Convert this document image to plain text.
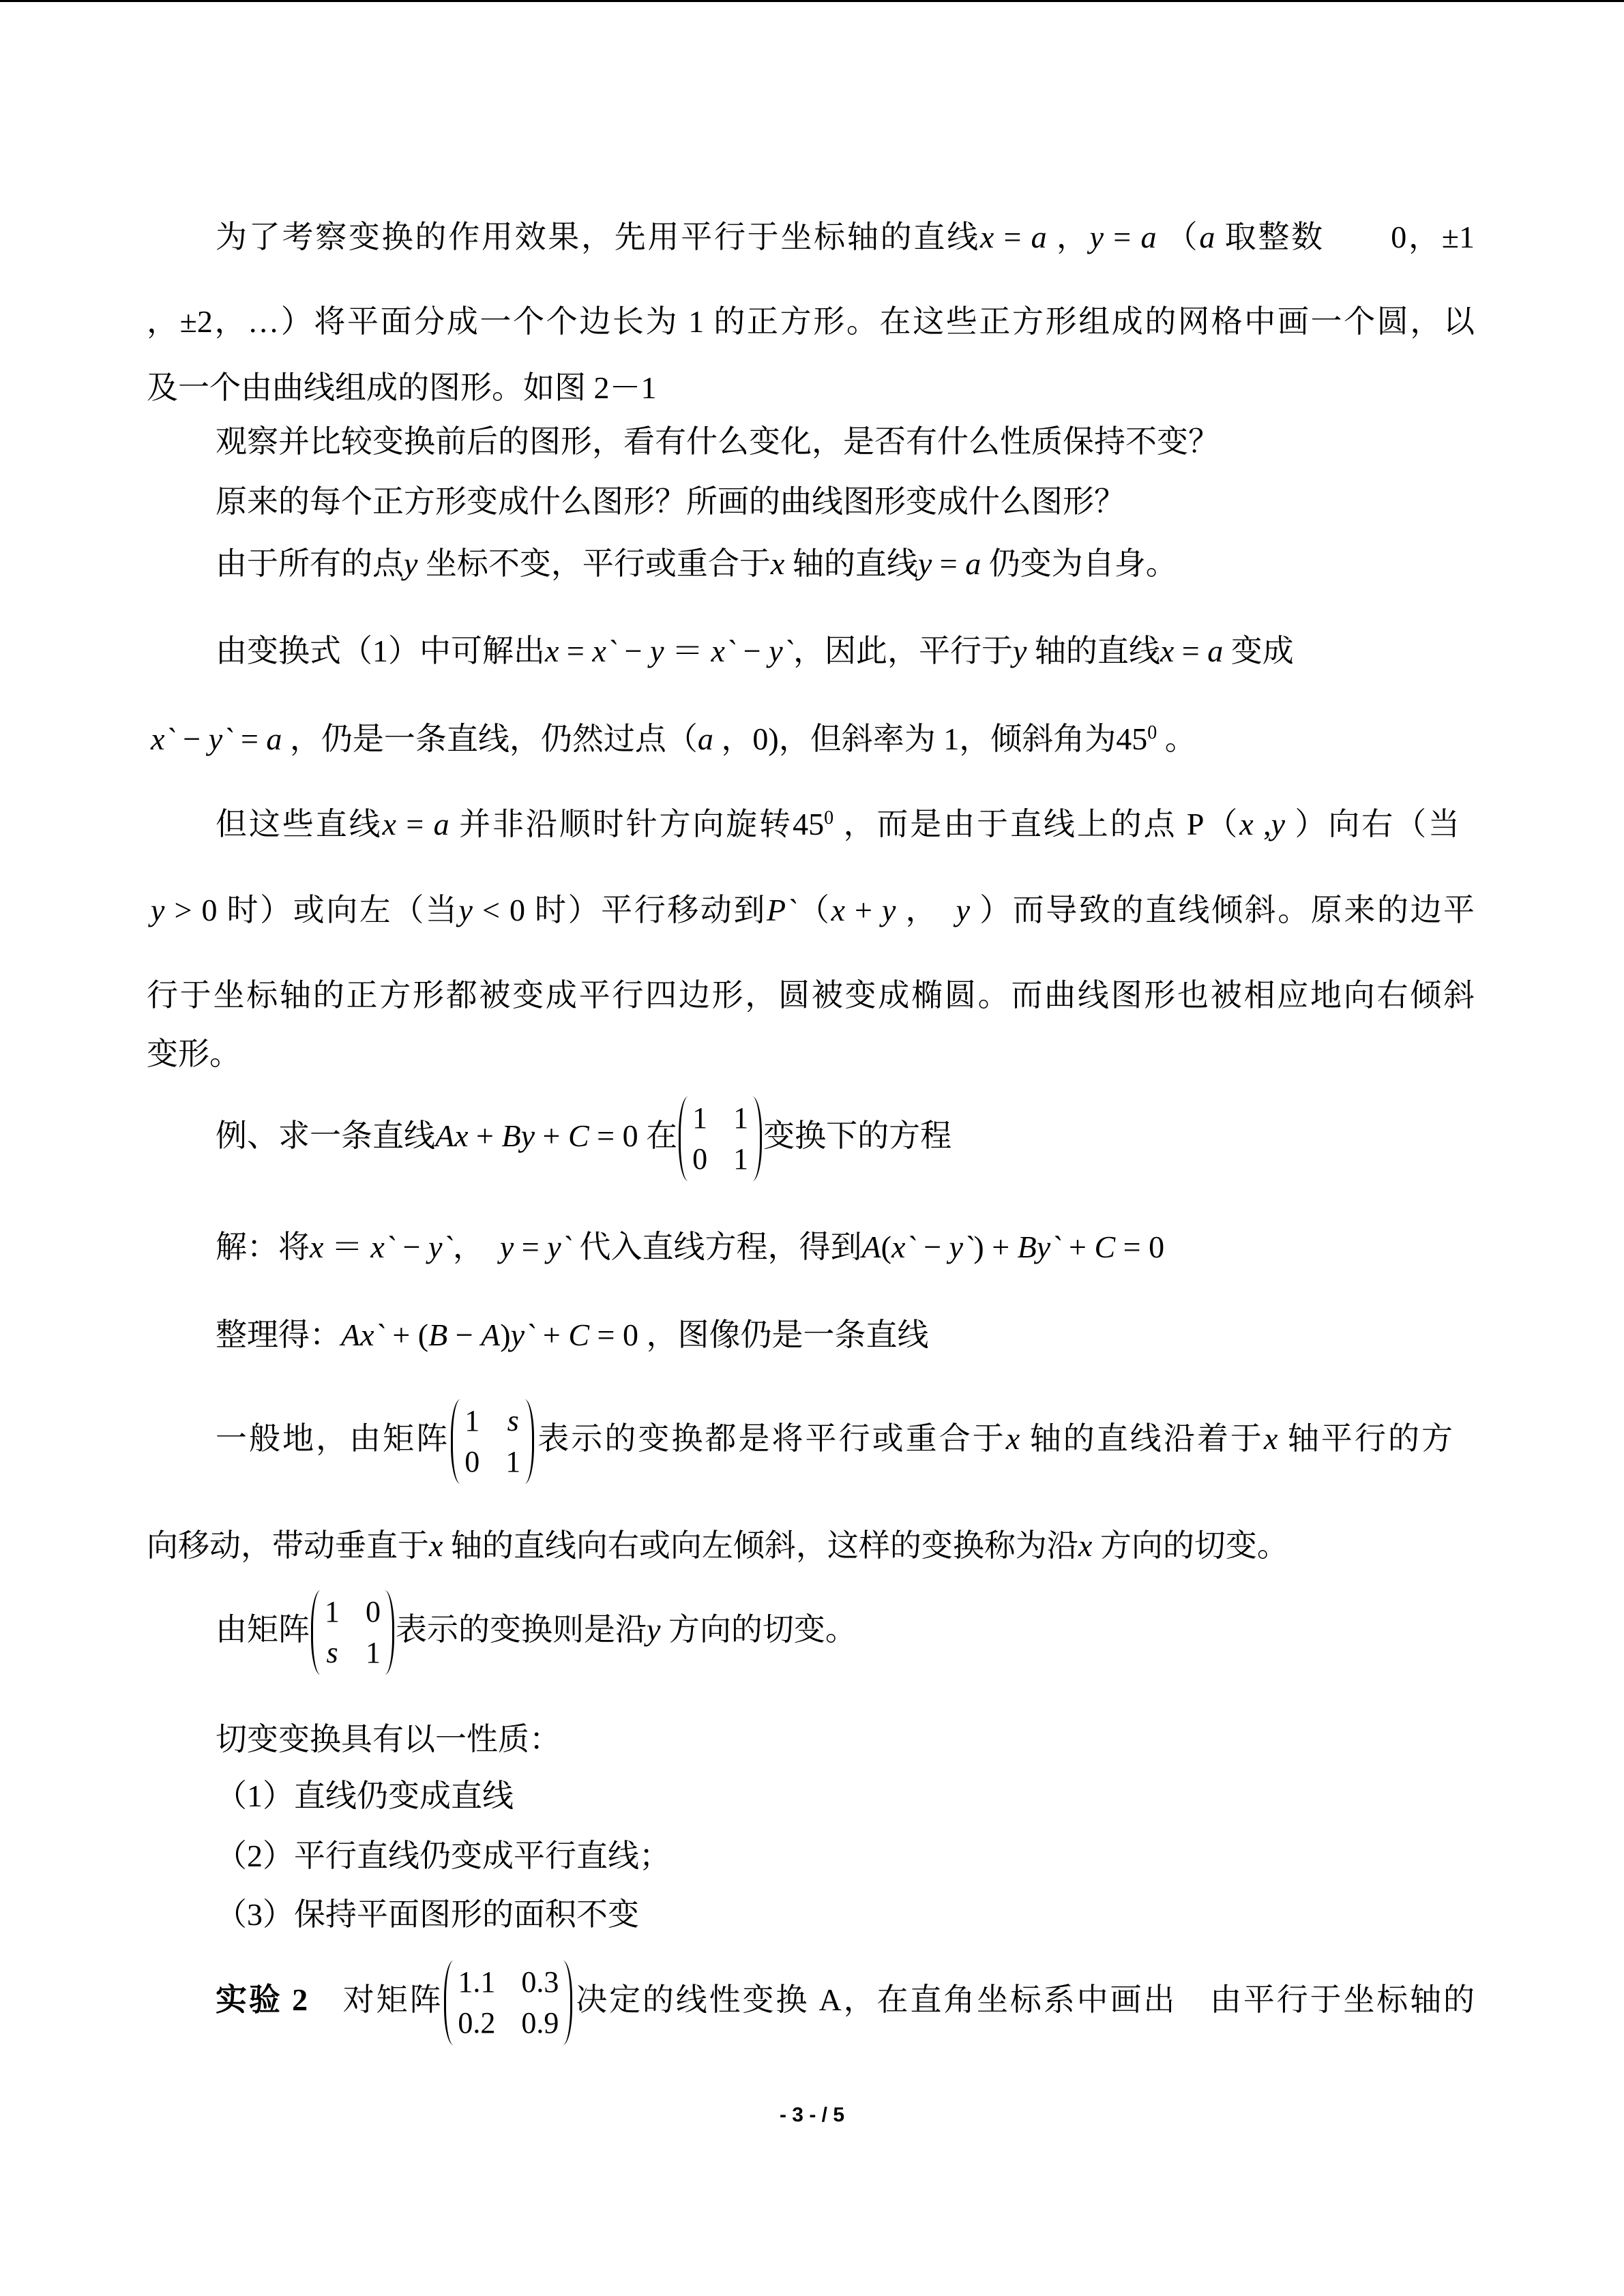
为了考察变换的作用效果，先用平行于坐标轴的直线x = a ，y = a （a 取整数　　0，±1
，±2，…）将平面分成一个个边长为 1 的正方形。在这些正方形组成的网格中画一个圆，以
及一个由曲线组成的图形。如图 2－1
观察并比较变换前后的图形，看有什么变化，是否有什么性质保持不变？
原来的每个正方形变成什么图形？所画的曲线图形变成什么图形？
由于所有的点y 坐标不变，平行或重合于x 轴的直线y = a 仍变为自身。
由变换式（1）中可解出x = x` − y ＝ x` − y`，因此，平行于y 轴的直线x = a 变成
x` − y` = a ，仍是一条直线，仍然过点（a ，0)，但斜率为 1，倾斜角为$45^0$ 。
但这些直线x = a 并非沿顺时针方向旋转$45^0$ ，而是由于直线上的点 P（x ,y ）向右（当
y > 0 时）或向左（当y < 0 时）平行移动到P`（x + y ，　y ）而导致的直线倾斜。原来的边平
行于坐标轴的正方形都被变成平行四边形，圆被变成椭圆。而曲线图形也被相应地向右倾斜
变形。
例、求一条直线Ax + By + C = 0 在
1 1
0 1
变换下的方程
解：将x ＝ x` − y`，　y = y` 代入直线方程，得到A(x` − y`) + By` + C = 0
整理得：Ax` + (B − A)y` + C = 0 ，图像仍是一条直线
一般地，由矩阵
1 s
0 1
表示的变换都是将平行或重合于x 轴的直线沿着于x 轴平行的方
向移动，带动垂直于x 轴的直线向右或向左倾斜，这样的变换称为沿x 方向的切变。
由矩阵
1 0
s 1
表示的变换则是沿y 方向的切变。
切变变换具有以一性质：
（1）直线仍变成直线
（2）平行直线仍变成平行直线；
（3）保持平面图形的面积不变
实验 2　对矩阵
1.1 0.3
0.2 0.9
决定的线性变换 A，在直角坐标系中画出　由平行于坐标轴的
- 3 - / 5
